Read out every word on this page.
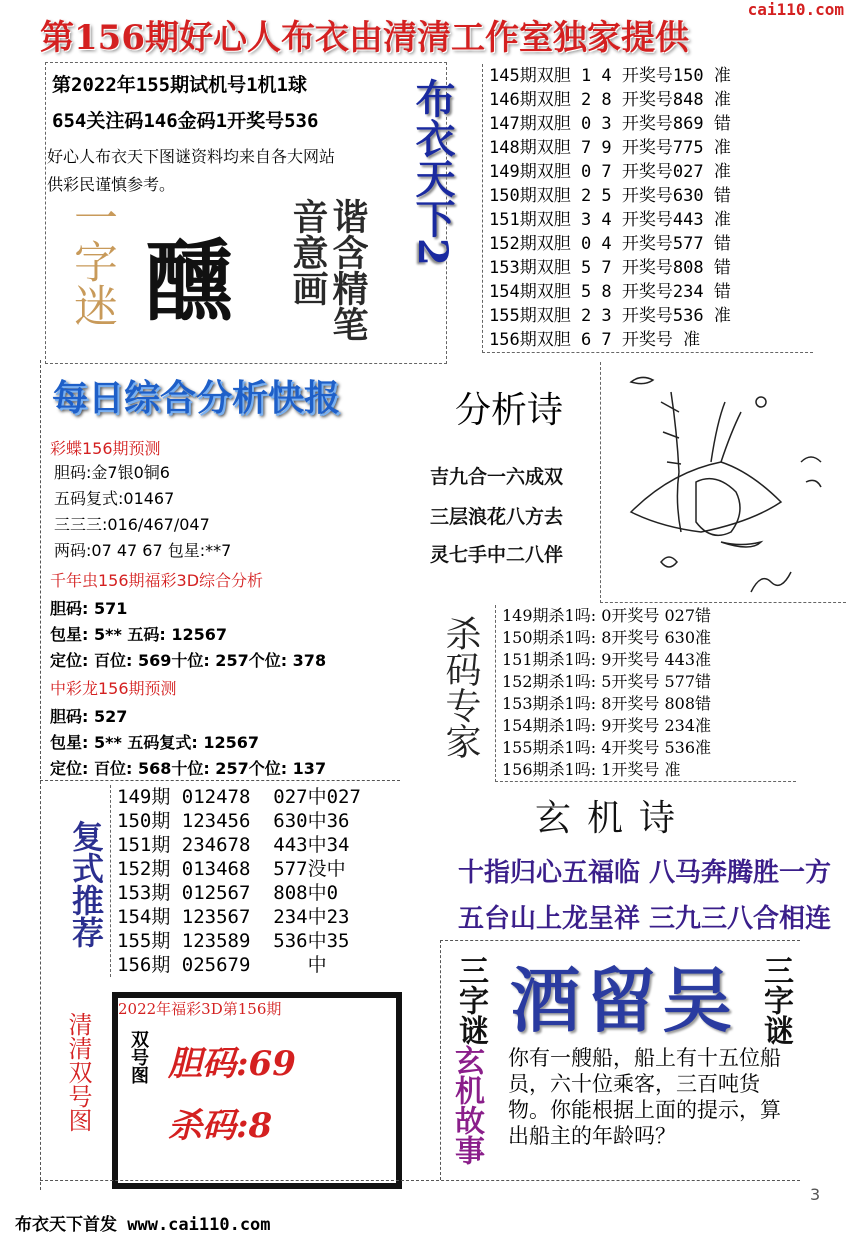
第156期好心人布衣由清清工作室独家提供
cai110.com
第2022年155期试机号1机1球
654关注码146金码1开奖号536
好心人布衣天下图谜资料均来自各大网站
供彩民谨慎参考。	布衣天下2
一字迷 醺	谐含精笔音意画
145期双胆 1 4 开奖号150 准
146期双胆 2 8 开奖号848 准
147期双胆 0 3 开奖号869 错
148期双胆 7 9 开奖号775 准
149期双胆 0 7 开奖号027 准
150期双胆 2 5 开奖号630 错
151期双胆 3 4 开奖号443 准
152期双胆 0 4 开奖号577 错
153期双胆 5 7 开奖号808 错
154期双胆 5 8 开奖号234 错
155期双胆 2 3 开奖号536 准
156期双胆 6 7 开奖号 准
每日综合分析快报
彩蝶156期预测
胆码:金7银0铜6
五码复式:01467
三三三:016/467/047
两码:07 47 67 包星:**7
千年虫156期福彩3D综合分析
胆码: 571
包星: 5** 五码: 12567
定位: 百位: 569十位: 257个位: 378
中彩龙156期预测
胆码: 527
包星: 5** 五码复式: 12567
定位: 百位: 568十位: 257个位: 137
分析诗
吉九合一六成双
三层浪花八方去
灵七手中二八伴
杀码专家	149期杀1吗: 0开奖号 027错
150期杀1吗: 8开奖号 630准
151期杀1吗: 9开奖号 443准
152期杀1吗: 5开奖号 577错
153期杀1吗: 8开奖号 808错
154期杀1吗: 9开奖号 234准
155期杀1吗: 4开奖号 536准
156期杀1吗: 1开奖号 准
复式推荐
149期 012478  027中027
150期 123456  630中36
151期 234678  443中34
152期 013468  577没中
153期 012567  808中0
154期 123567  234中23
155期 123589  536中35
156期 025679     中
玄机诗
十指归心五福临 八马奔腾胜一方
五台山上龙呈祥 三九三八合相连
三字谜 酒留吴 三字谜
玄机故事	你有一艘船，船上有十五位船员，六十位乘客，三百吨货物。你能根据上面的提示，算出船主的年龄吗？
清清双号图
2022年福彩3D第156期
双号图 胆码:69
杀码:8
布衣天下首发 www.cai110.com
3
